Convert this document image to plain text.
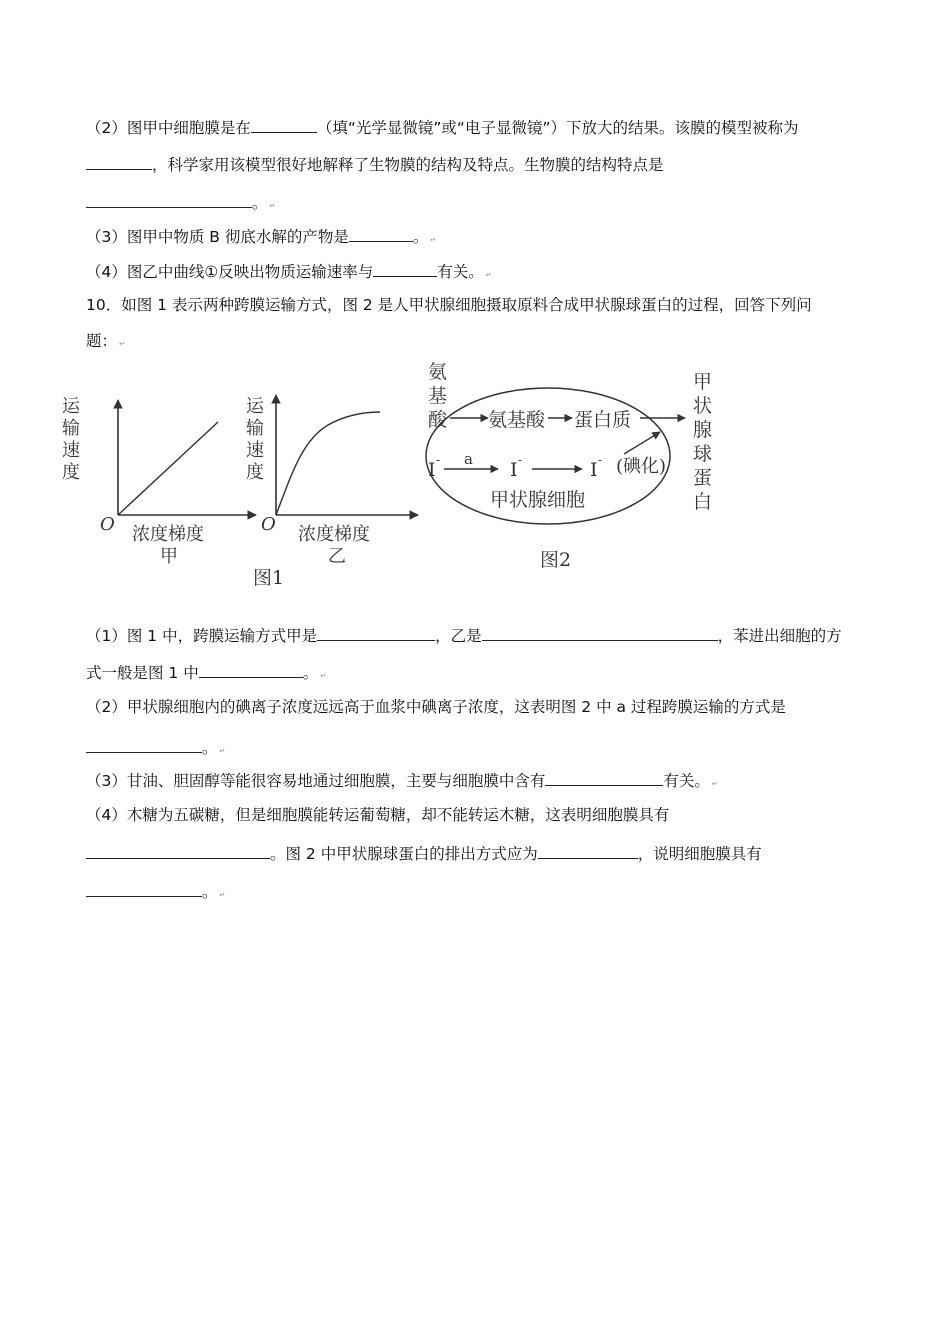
（2）图甲中细胞膜是在	（填“光学显微镜”或“电子显微镜”）下放大的结果。该膜的模型被称为
，科学家用该模型很好地解释了生物膜的结构及特点。生物膜的结构特点是
。 ↵
（3）图甲中物质 B 彻底水解的产物是	。 ↵
（4）图乙中曲线①反映出物质运输速率与	有关。 ↵
10．如图 1 表示两种跨膜运输方式，图 2 是人甲状腺细胞摄取原料合成甲状腺球蛋白的过程，回答下列问
题： ↵
运
输
速
度
O 浓度梯度
甲
运
输
速
度
O 浓度梯度
乙
图1
氨
基
酸 氨基酸 蛋白质
I - a I -	I - (碘化)
甲状腺细胞
甲
状
腺
球
蛋
白
图2
（1）图 1 中，跨膜运输方式甲是	，乙是	，苯进出细胞的方
式一般是图 1 中	。 ↵
（2）甲状腺细胞内的碘离子浓度远远高于血浆中碘离子浓度，这表明图 2 中 a 过程跨膜运输的方式是
。 ↵
（3）甘油、胆固醇等能很容易地通过细胞膜，主要与细胞膜中含有	有关。 ↵
（4）木糖为五碳糖，但是细胞膜能转运葡萄糖，却不能转运木糖，这表明细胞膜具有
。图 2 中甲状腺球蛋白的排出方式应为	，说明细胞膜具有
。 ↵
